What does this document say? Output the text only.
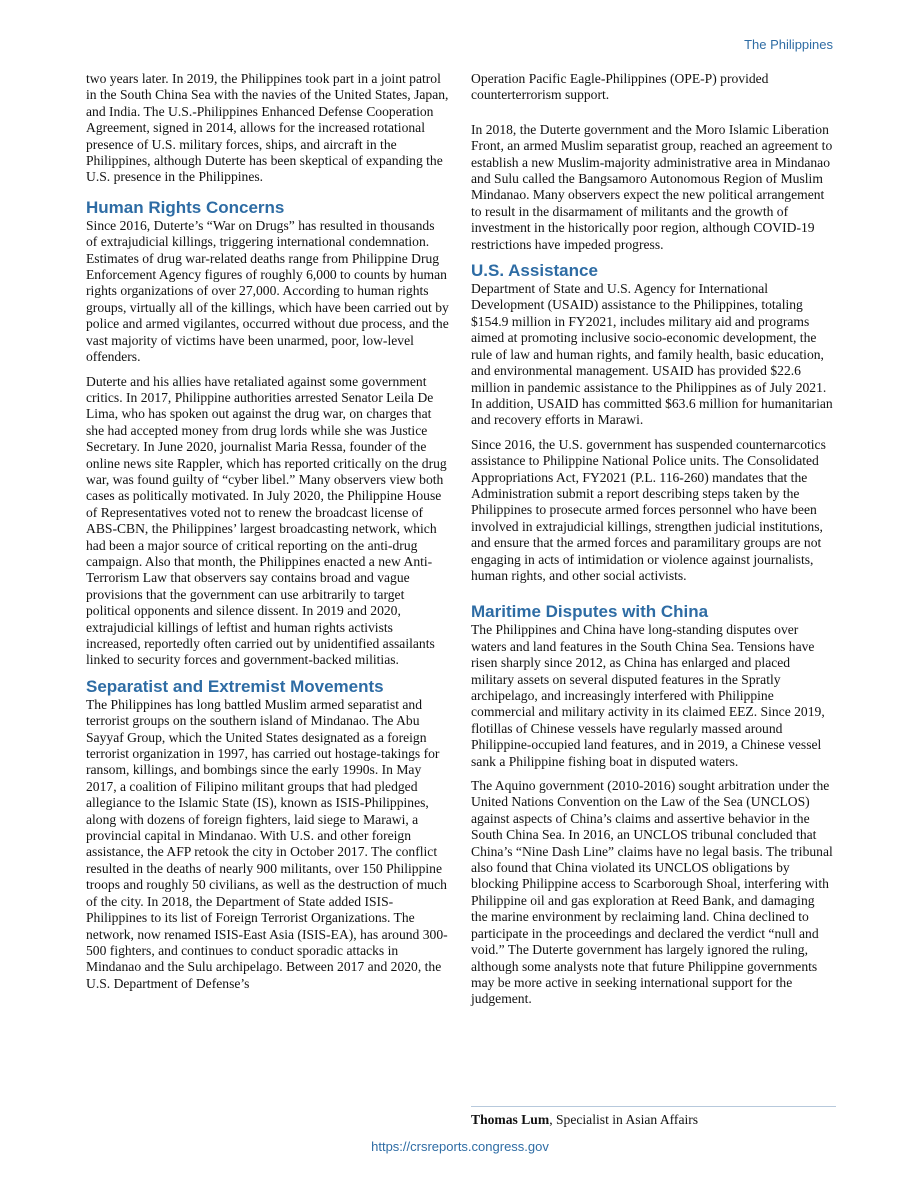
The Philippines

two years later. In 2019, the Philippines took part in a joint patrol in the South China Sea with the navies of the United States, Japan, and India. The U.S.-Philippines Enhanced Defense Cooperation Agreement, signed in 2014, allows for the increased rotational presence of U.S. military forces, ships, and aircraft in the Philippines, although Duterte has been skeptical of expanding the U.S. presence in the Philippines.

Human Rights Concerns

Since 2016, Duterte’s “War on Drugs” has resulted in thousands of extrajudicial killings, triggering international condemnation. Estimates of drug war-related deaths range from Philippine Drug Enforcement Agency figures of roughly 6,000 to counts by human rights organizations of over 27,000. According to human rights groups, virtually all of the killings, which have been carried out by police and armed vigilantes, occurred without due process, and the vast majority of victims have been unarmed, poor, low-level offenders.

Duterte and his allies have retaliated against some government critics. In 2017, Philippine authorities arrested Senator Leila De Lima, who has spoken out against the drug war, on charges that she had accepted money from drug lords while she was Justice Secretary. In June 2020, journalist Maria Ressa, founder of the online news site Rappler, which has reported critically on the drug war, was found guilty of “cyber libel.” Many observers view both cases as politically motivated. In July 2020, the Philippine House of Representatives voted not to renew the broadcast license of ABS-CBN, the Philippines’ largest broadcasting network, which had been a major source of critical reporting on the anti-drug campaign. Also that month, the Philippines enacted a new Anti-Terrorism Law that observers say contains broad and vague provisions that the government can use arbitrarily to target political opponents and silence dissent. In 2019 and 2020, extrajudicial killings of leftist and human rights activists increased, reportedly often carried out by unidentified assailants linked to security forces and government-backed militias.

Separatist and Extremist Movements

The Philippines has long battled Muslim armed separatist and terrorist groups on the southern island of Mindanao. The Abu Sayyaf Group, which the United States designated as a foreign terrorist organization in 1997, has carried out hostage-takings for ransom, killings, and bombings since the early 1990s. In May 2017, a coalition of Filipino militant groups that had pledged allegiance to the Islamic State (IS), known as ISIS-Philippines, along with dozens of foreign fighters, laid siege to Marawi, a provincial capital in Mindanao. With U.S. and other foreign assistance, the AFP retook the city in October 2017. The conflict resulted in the deaths of nearly 900 militants, over 150 Philippine troops and roughly 50 civilians, as well as the destruction of much of the city. In 2018, the Department of State added ISIS-Philippines to its list of Foreign Terrorist Organizations. The network, now renamed ISIS-East Asia (ISIS-EA), has around 300-500 fighters, and continues to conduct sporadic attacks in Mindanao and the Sulu archipelago. Between 2017 and 2020, the U.S. Department of Defense’s

Operation Pacific Eagle-Philippines (OPE-P) provided counterterrorism support.

In 2018, the Duterte government and the Moro Islamic Liberation Front, an armed Muslim separatist group, reached an agreement to establish a new Muslim-majority administrative area in Mindanao and Sulu called the Bangsamoro Autonomous Region of Muslim Mindanao. Many observers expect the new political arrangement to result in the disarmament of militants and the growth of investment in the historically poor region, although COVID-19 restrictions have impeded progress.

U.S. Assistance

Department of State and U.S. Agency for International Development (USAID) assistance to the Philippines, totaling $154.9 million in FY2021, includes military aid and programs aimed at promoting inclusive socio-economic development, the rule of law and human rights, and family health, basic education, and environmental management. USAID has provided $22.6 million in pandemic assistance to the Philippines as of July 2021. In addition, USAID has committed $63.6 million for humanitarian and recovery efforts in Marawi.

Since 2016, the U.S. government has suspended counternarcotics assistance to Philippine National Police units. The Consolidated Appropriations Act, FY2021 (P.L. 116-260) mandates that the Administration submit a report describing steps taken by the Philippines to prosecute armed forces personnel who have been involved in extrajudicial killings, strengthen judicial institutions, and ensure that the armed forces and paramilitary groups are not engaging in acts of intimidation or violence against journalists, human rights, and other social activists.

Maritime Disputes with China

The Philippines and China have long-standing disputes over waters and land features in the South China Sea. Tensions have risen sharply since 2012, as China has enlarged and placed military assets on several disputed features in the Spratly archipelago, and increasingly interfered with Philippine commercial and military activity in its claimed EEZ. Since 2019, flotillas of Chinese vessels have regularly massed around Philippine-occupied land features, and in 2019, a Chinese vessel sank a Philippine fishing boat in disputed waters.

The Aquino government (2010-2016) sought arbitration under the United Nations Convention on the Law of the Sea (UNCLOS) against aspects of China’s claims and assertive behavior in the South China Sea. In 2016, an UNCLOS tribunal concluded that China’s “Nine Dash Line” claims have no legal basis. The tribunal also found that China violated its UNCLOS obligations by blocking Philippine access to Scarborough Shoal, interfering with Philippine oil and gas exploration at Reed Bank, and damaging the marine environment by reclaiming land. China declined to participate in the proceedings and declared the verdict “null and void.” The Duterte government has largely ignored the ruling, although some analysts note that future Philippine governments may be more active in seeking international support for the judgement.

Thomas Lum, Specialist in Asian Affairs
https://crsreports.congress.gov
